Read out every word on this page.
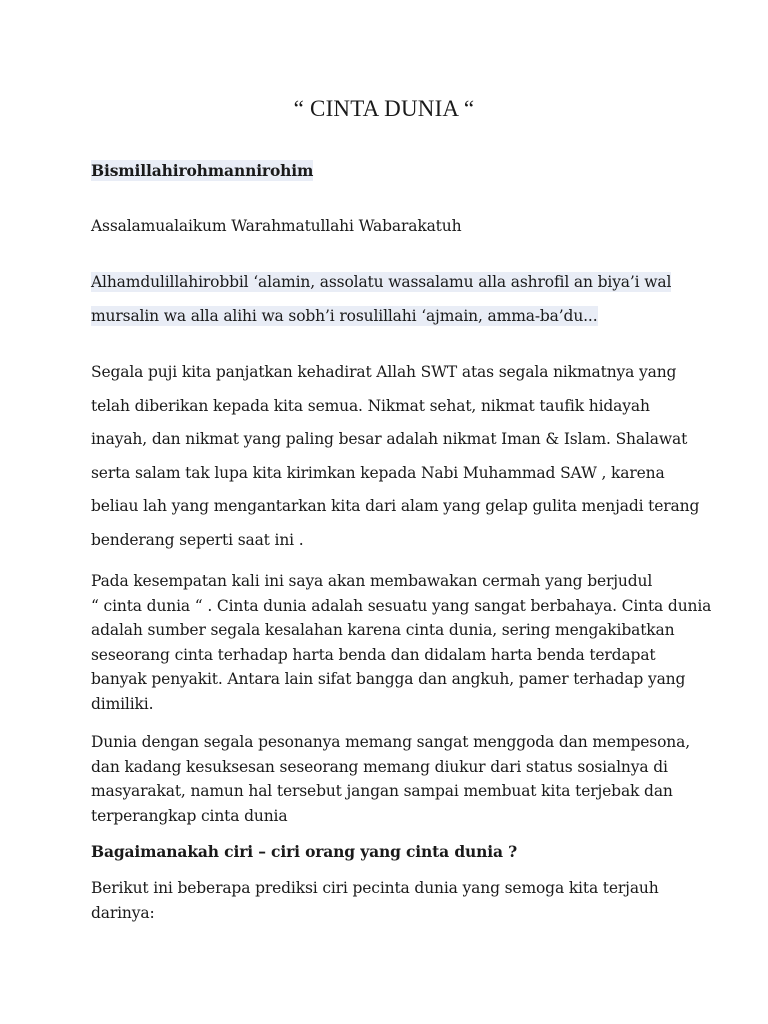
“ CINTA DUNIA “

Bismillahirohmannirohim

Assalamualaikum Warahmatullahi Wabarakatuh

Alhamdulillahirobbil ‘alamin, assolatu wassalamu alla ashrofil an biya’i wal
mursalin wa alla alihi wa sobh’i rosulillahi ‘ajmain, amma-ba’du...
Segala puji kita panjatkan kehadirat Allah SWT atas segala nikmatnya yang
telah diberikan kepada kita semua. Nikmat sehat, nikmat taufik hidayah
inayah, dan nikmat yang paling besar adalah nikmat Iman & Islam. Shalawat
serta salam tak lupa kita kirimkan kepada Nabi Muhammad SAW , karena
beliau lah yang mengantarkan kita dari alam yang gelap gulita menjadi terang
benderang seperti saat ini .
Pada kesempatan kali ini saya akan membawakan cermah yang berjudul
“ cinta dunia “ . Cinta dunia adalah sesuatu yang sangat berbahaya. Cinta dunia
adalah sumber segala kesalahan karena cinta dunia, sering mengakibatkan
seseorang cinta terhadap harta benda dan didalam harta benda terdapat
banyak penyakit. Antara lain sifat bangga dan angkuh, pamer terhadap yang
dimiliki.
Dunia dengan segala pesonanya memang sangat menggoda dan mempesona,
dan kadang kesuksesan seseorang memang diukur dari status sosialnya di
masyarakat, namun hal tersebut jangan sampai membuat kita terjebak dan
terperangkap cinta dunia

Bagaimanakah ciri – ciri orang yang cinta dunia ?

Berikut ini beberapa prediksi ciri pecinta dunia yang semoga kita terjauh
darinya:
